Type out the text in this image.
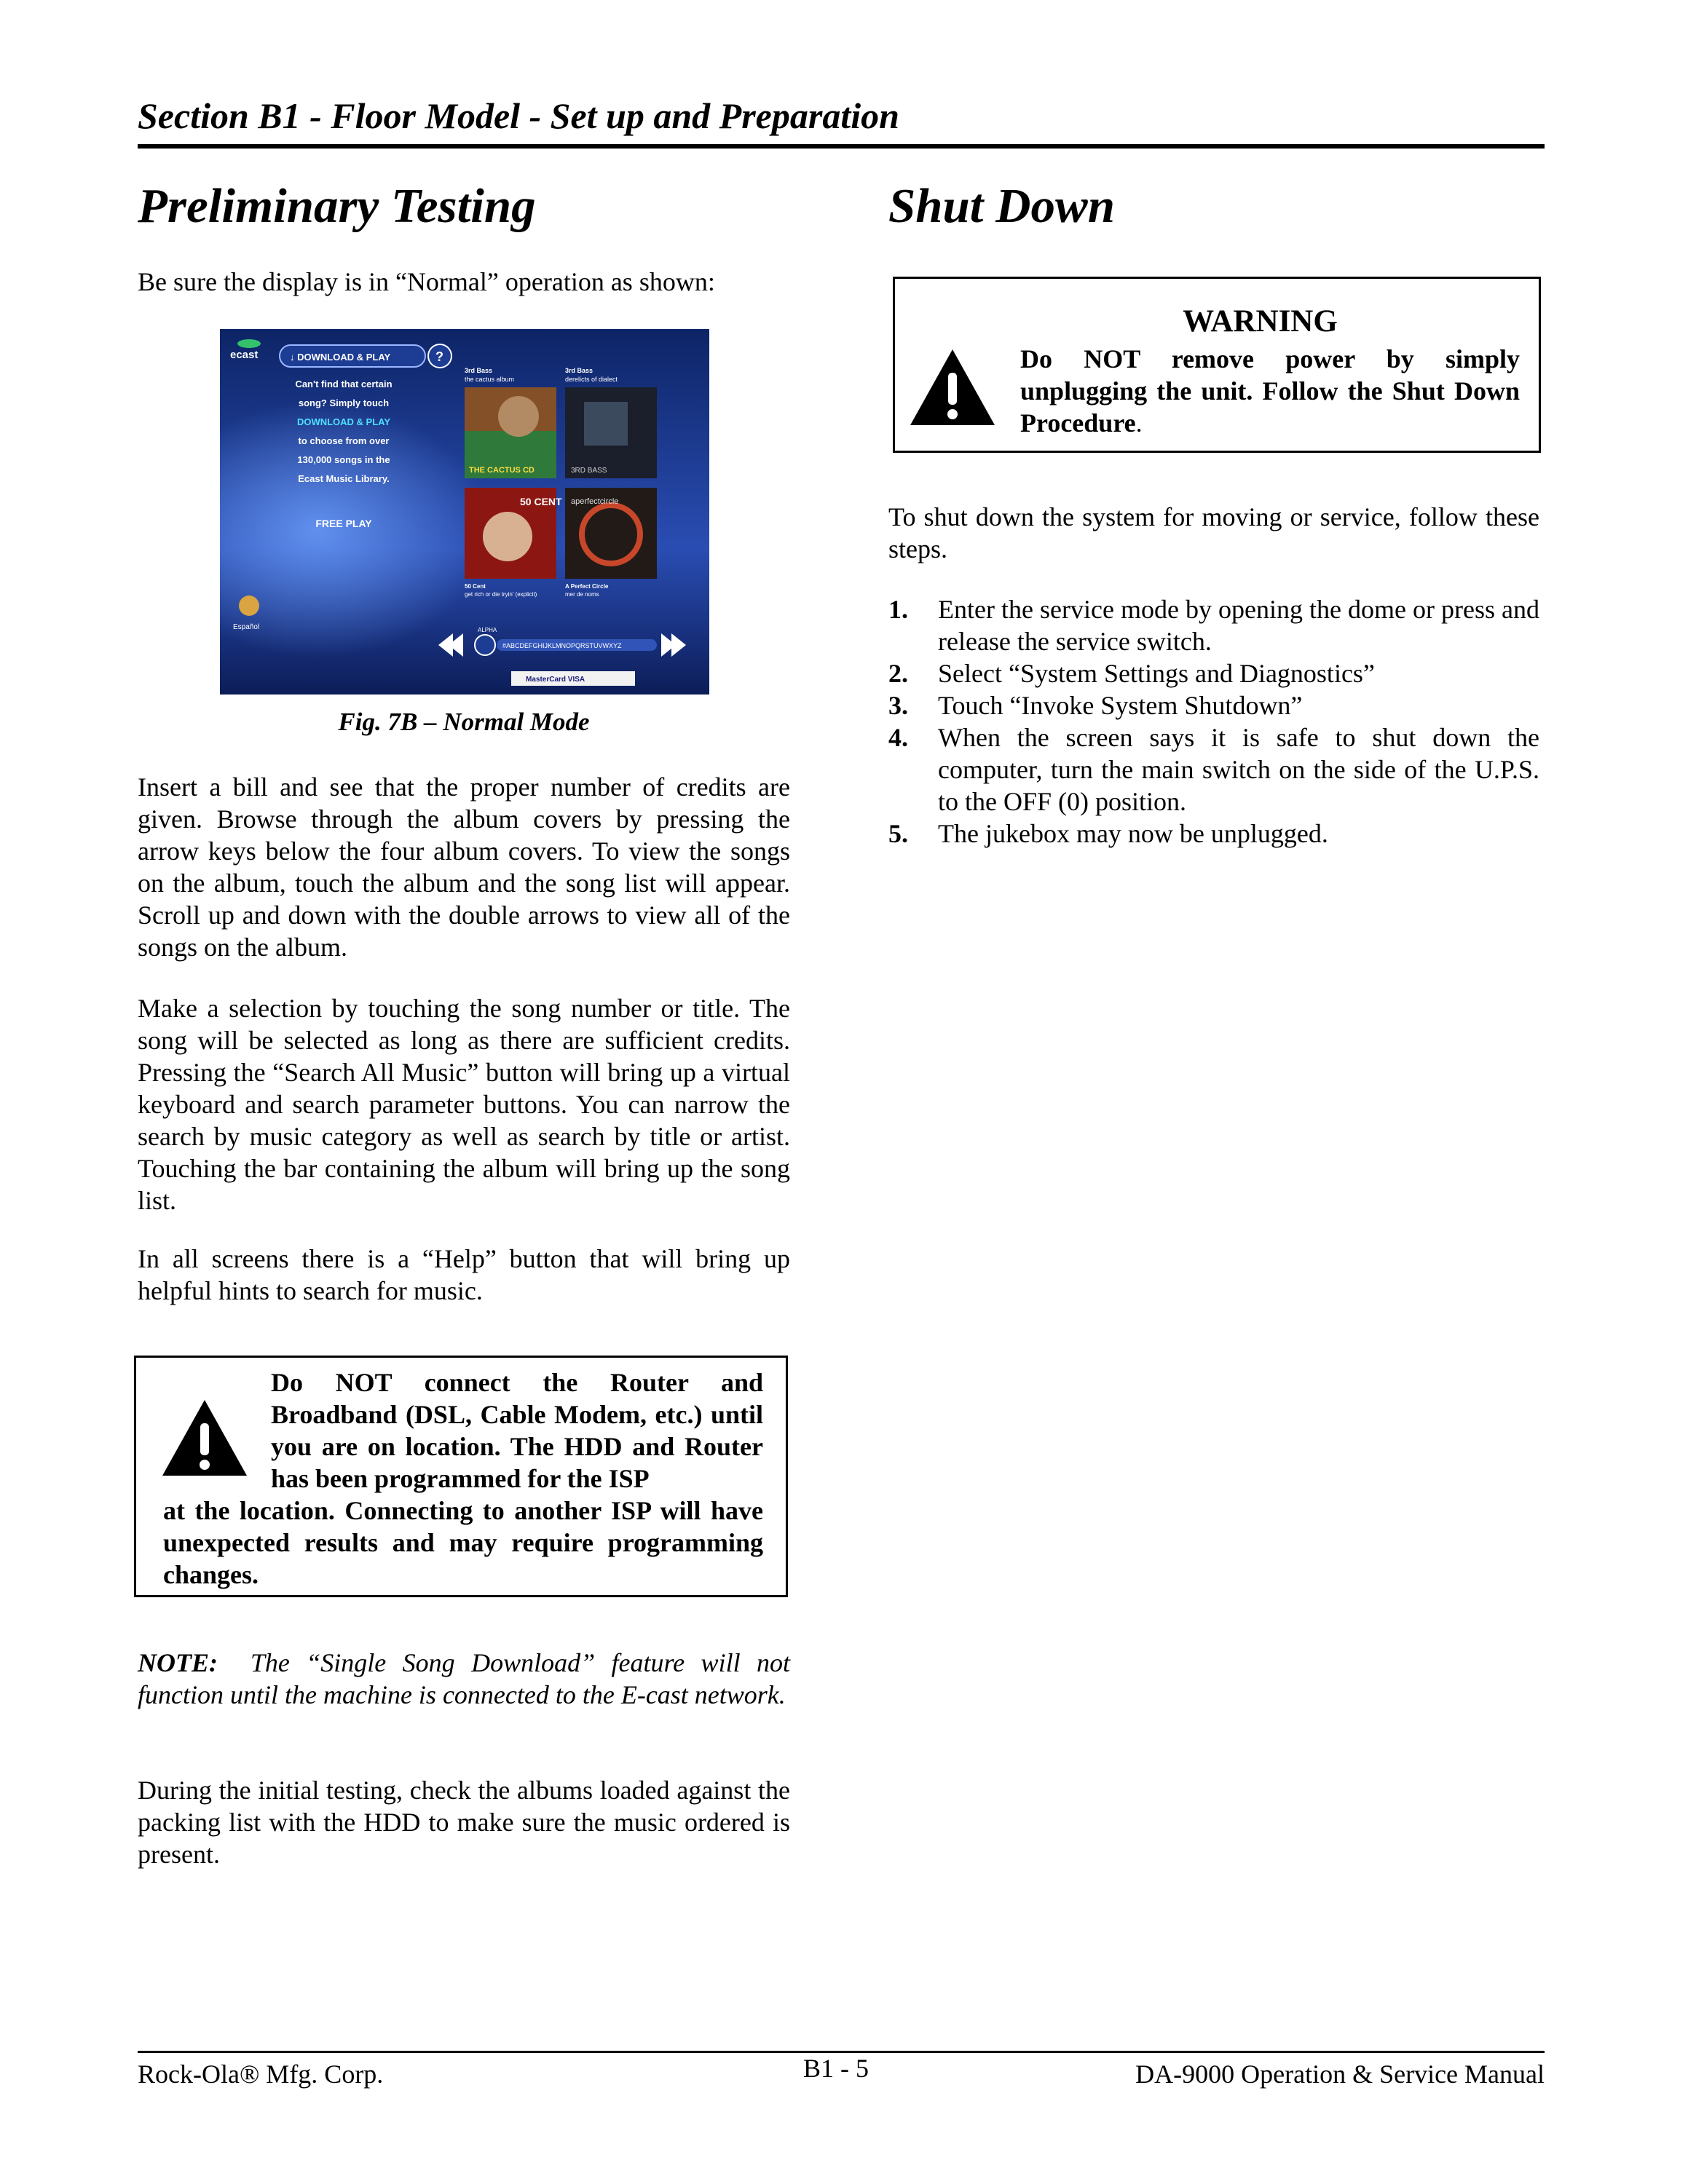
Section B1 - Floor Model - Set up and Preparation
Preliminary Testing
Be sure the display is in “Normal” operation as shown:
ecast	↓ DOWNLOAD & PLAY	?
Can't find that certain
song? Simply touch
DOWNLOAD & PLAY
to choose from over
130,000 songs in the
Ecast Music Library.
FREE PLAY
Español
3rd Bass
the cactus album
3rd Bass
derelicts of dialect
THE CACTUS CD	3RD BASS
50 CENT aperfectcircle
50 Cent
get rich or die tryin' (explicit)
A Perfect Circle
mer de noms
ALPHA
#ABCDEFGHIJKLMNOPQRSTUVWXYZ
MasterCard VISA
Fig. 7B – Normal Mode
Insert a bill and see that the proper number of credits are given. Browse through the album covers by pressing the arrow keys below the four album covers. To view the songs on the album, touch the album and the song list will appear. Scroll up and down with the double arrows to view all of the songs on the album.
Make a selection by touching the song number or title. The song will be selected as long as there are sufficient credits. Pressing the “Search All Music” button will bring up a virtual keyboard and search parameter buttons. You can narrow the search by music category as well as search by title or artist. Touching the bar containing the album will bring up the song list.
In all screens there is a “Help” button that will bring up helpful hints to search for music.
Do NOT connect the Router and Broadband (DSL, Cable Modem, etc.) until you are on location. The HDD and Router has been programmed for the ISP
at the location. Connecting to another ISP will have unexpected results and may require programming changes.
NOTE: The “Single Song Download” feature will not function until the machine is connected to the E-cast network.
During the initial testing, check the albums loaded against the packing list with the HDD to make sure the music ordered is present.
Shut Down
WARNING
Do NOT remove power by simply unplugging the unit. Follow the Shut Down Procedure.
To shut down the system for moving or service, follow these steps.
1. Enter the service mode by opening the dome or press and release the service switch.
2. Select “System Settings and Diagnostics”
3. Touch “Invoke System Shutdown”
4. When the screen says it is safe to shut down the computer, turn the main switch on the side of the U.P.S. to the OFF (0) position.
5. The jukebox may now be unplugged.
Rock-Ola® Mfg. Corp.	B1 - 5	DA-9000 Operation & Service Manual
